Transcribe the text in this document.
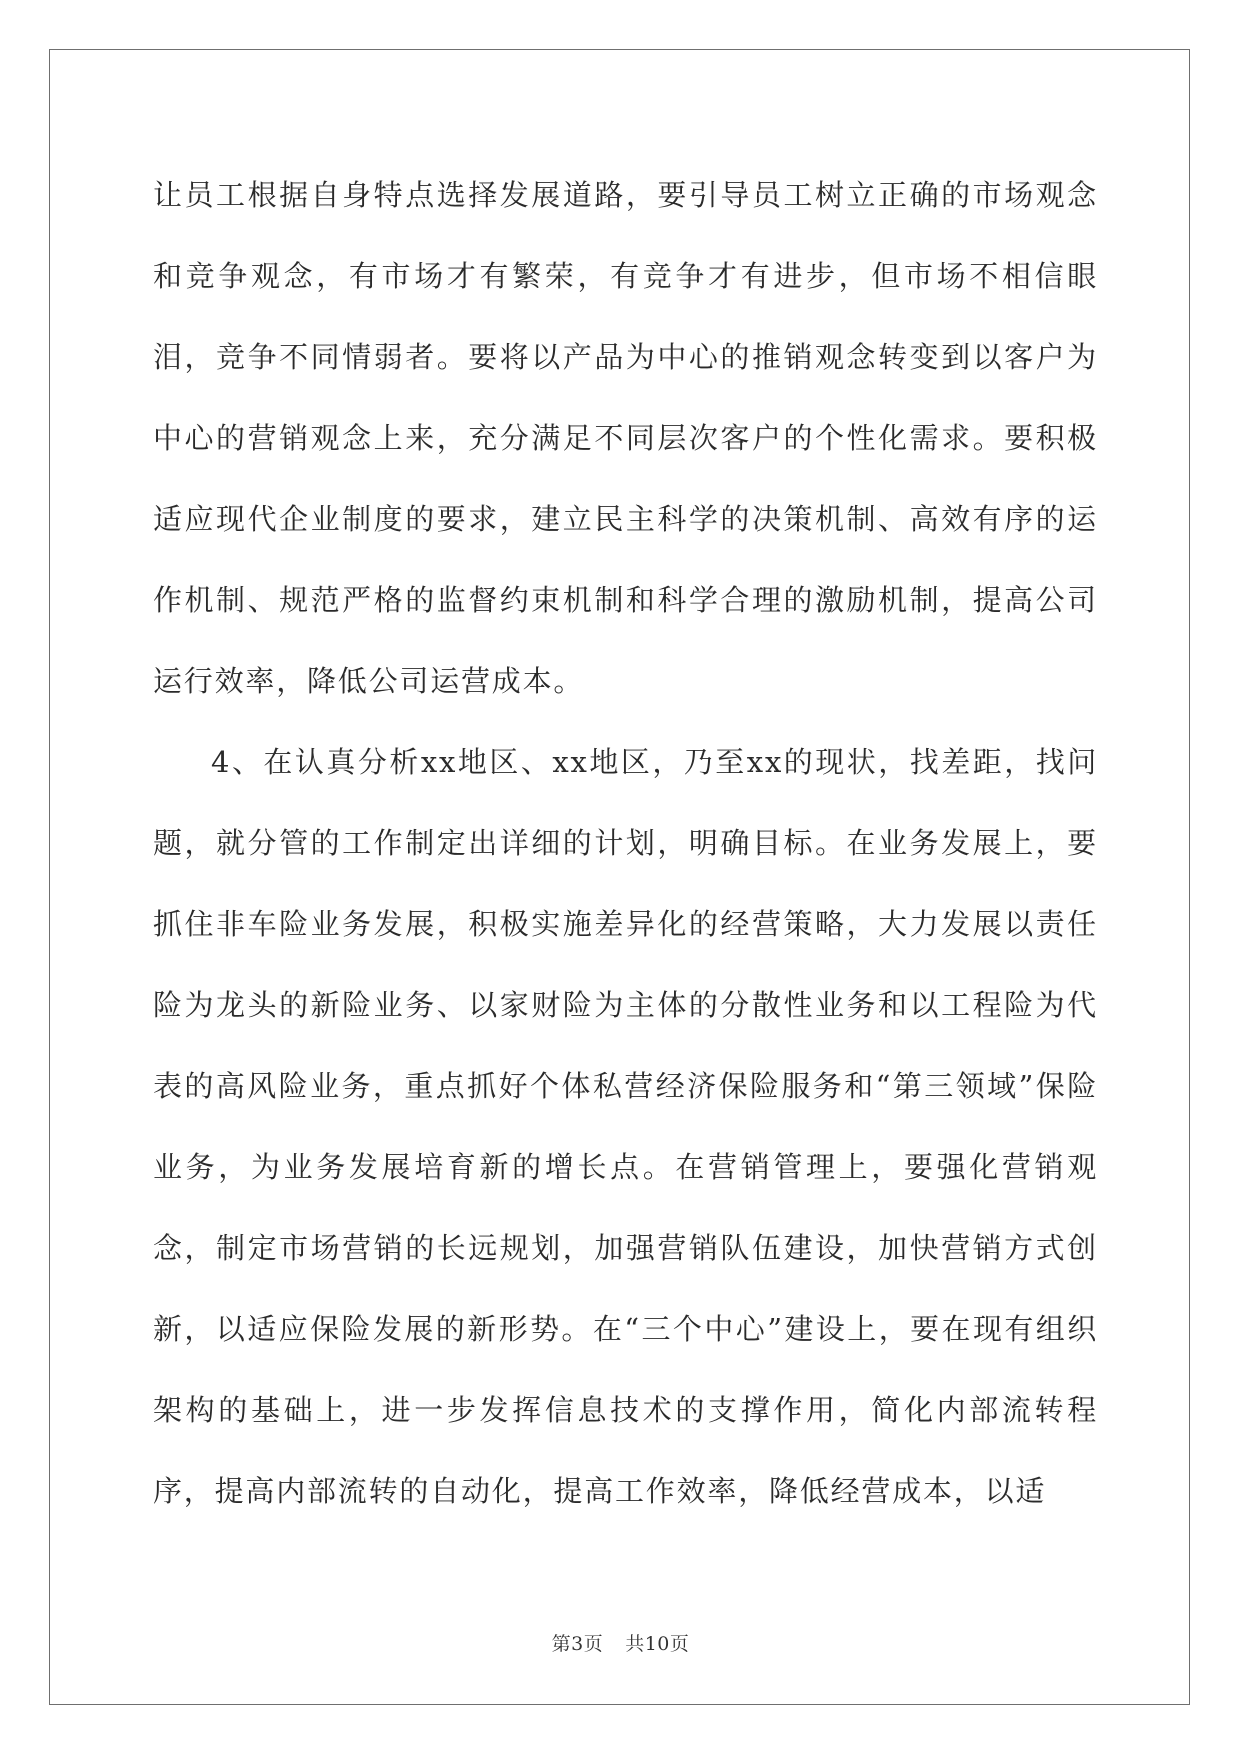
让员工根据自身特点选择发展道路，要引导员工树立正确的市场观念和竞争观念，有市场才有繁荣，有竞争才有进步，但市场不相信眼泪，竞争不同情弱者。要将以产品为中心的推销观念转变到以客户为中心的营销观念上来，充分满足不同层次客户的个性化需求。要积极适应现代企业制度的要求，建立民主科学的决策机制、高效有序的运作机制、规范严格的监督约束机制和科学合理的激励机制，提高公司运行效率，降低公司运营成本。

4、在认真分析xx地区、xx地区，乃至xx的现状，找差距，找问题，就分管的工作制定出详细的计划，明确目标。在业务发展上，要抓住非车险业务发展，积极实施差异化的经营策略，大力发展以责任险为龙头的新险业务、以家财险为主体的分散性业务和以工程险为代表的高风险业务，重点抓好个体私营经济保险服务和“第三领域”保险业务，为业务发展培育新的增长点。在营销管理上，要强化营销观念，制定市场营销的长远规划，加强营销队伍建设，加快营销方式创新，以适应保险发展的新形势。在“三个中心”建设上，要在现有组织架构的基础上，进一步发挥信息技术的支撑作用，简化内部流转程序，提高内部流转的自动化，提高工作效率，降低经营成本，以适

第3页 共10页
